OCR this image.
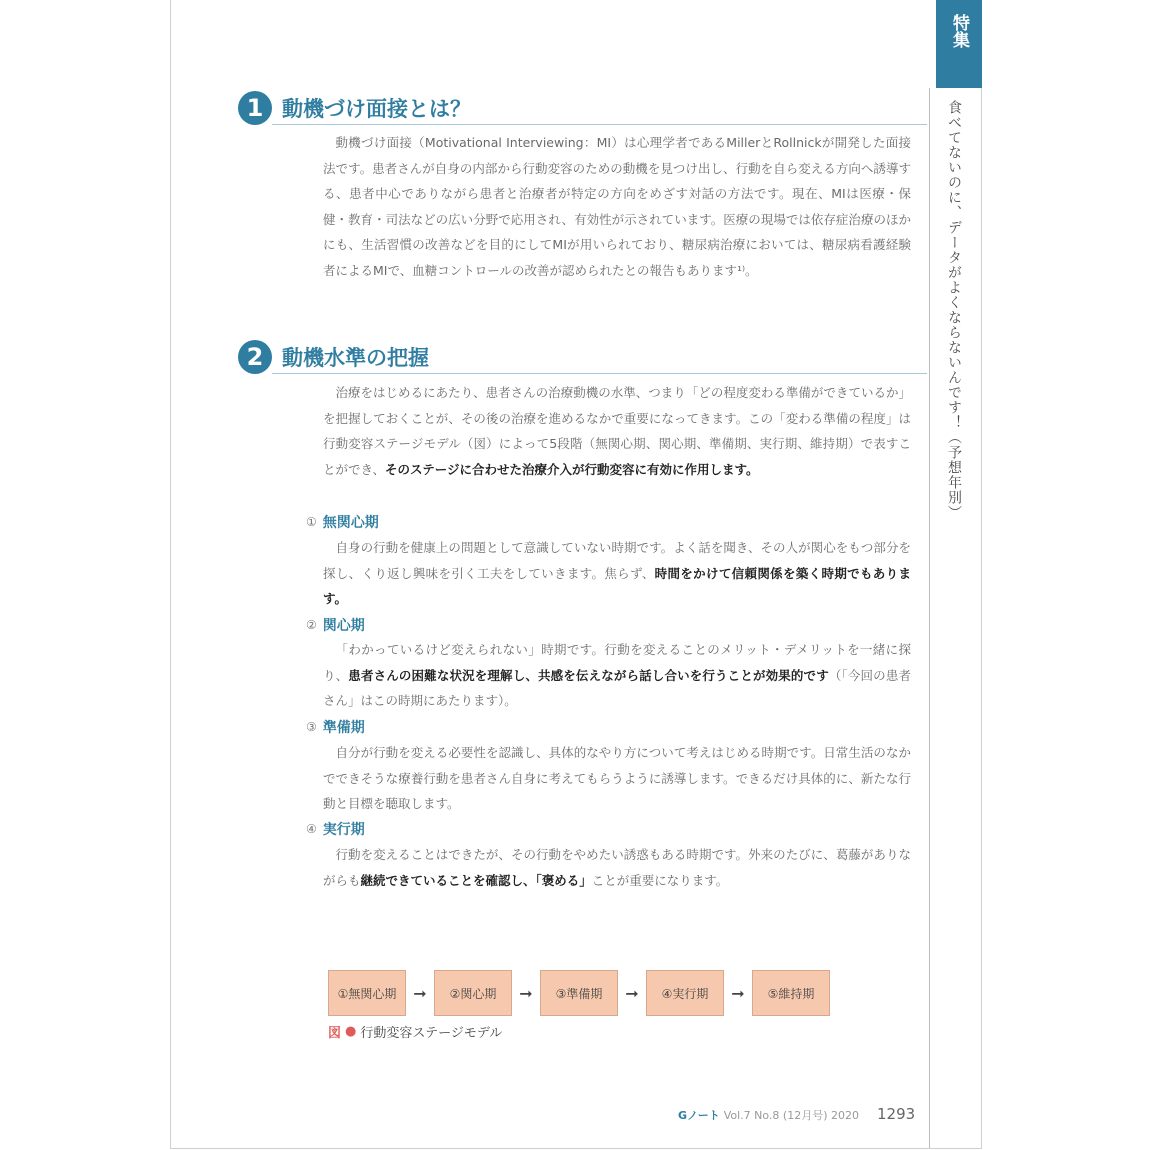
特集
食べてないのに、データがよくならないんです！（予想年別）
1 動機づけ面接とは？
動機づけ面接（Motivational Interviewing：MI）は心理学者であるMillerとRollnickが開発した面接法です。患者さんが自身の内部から行動変容のための動機を見つけ出し、行動を自ら変える方向へ誘導する、患者中心でありながら患者と治療者が特定の方向をめざす対話の方法です。現在、MIは医療・保健・教育・司法などの広い分野で応用され、有効性が示されています。医療の現場では依存症治療のほかにも、生活習慣の改善などを目的にしてMIが用いられており、糖尿病治療においては、糖尿病看護経験者によるMIで、血糖コントロールの改善が認められたとの報告もあります¹⁾。
2 動機水準の把握
治療をはじめるにあたり、患者さんの治療動機の水準、つまり「どの程度変わる準備ができているか」を把握しておくことが、その後の治療を進めるなかで重要になってきます。この「変わる準備の程度」は行動変容ステージモデル（図）によって5段階（無関心期、関心期、準備期、実行期、維持期）で表すことができ、そのステージに合わせた治療介入が行動変容に有効に作用します。
① 無関心期
自身の行動を健康上の問題として意識していない時期です。よく話を聞き、その人が関心をもつ部分を探し、くり返し興味を引く工夫をしていきます。焦らず、時間をかけて信頼関係を築く時期でもあります。
② 関心期
「わかっているけど変えられない」時期です。行動を変えることのメリット・デメリットを一緒に探り、患者さんの困難な状況を理解し、共感を伝えながら話し合いを行うことが効果的です（「今回の患者さん」はこの時期にあたります）。
③ 準備期
自分が行動を変える必要性を認識し、具体的なやり方について考えはじめる時期です。日常生活のなかでできそうな療養行動を患者さん自身に考えてもらうように誘導します。できるだけ具体的に、新たな行動と目標を聴取します。
④ 実行期
行動を変えることはできたが、その行動をやめたい誘惑もある時期です。外来のたびに、葛藤がありながらも継続できていることを確認し、「褒める」ことが重要になります。
①無関心期	➞	②関心期	➞	③準備期	➞	④実行期	➞	⑤維持期
図 ● 行動変容ステージモデル
Gノート Vol.7 No.8 (12月号) 2020 1293
